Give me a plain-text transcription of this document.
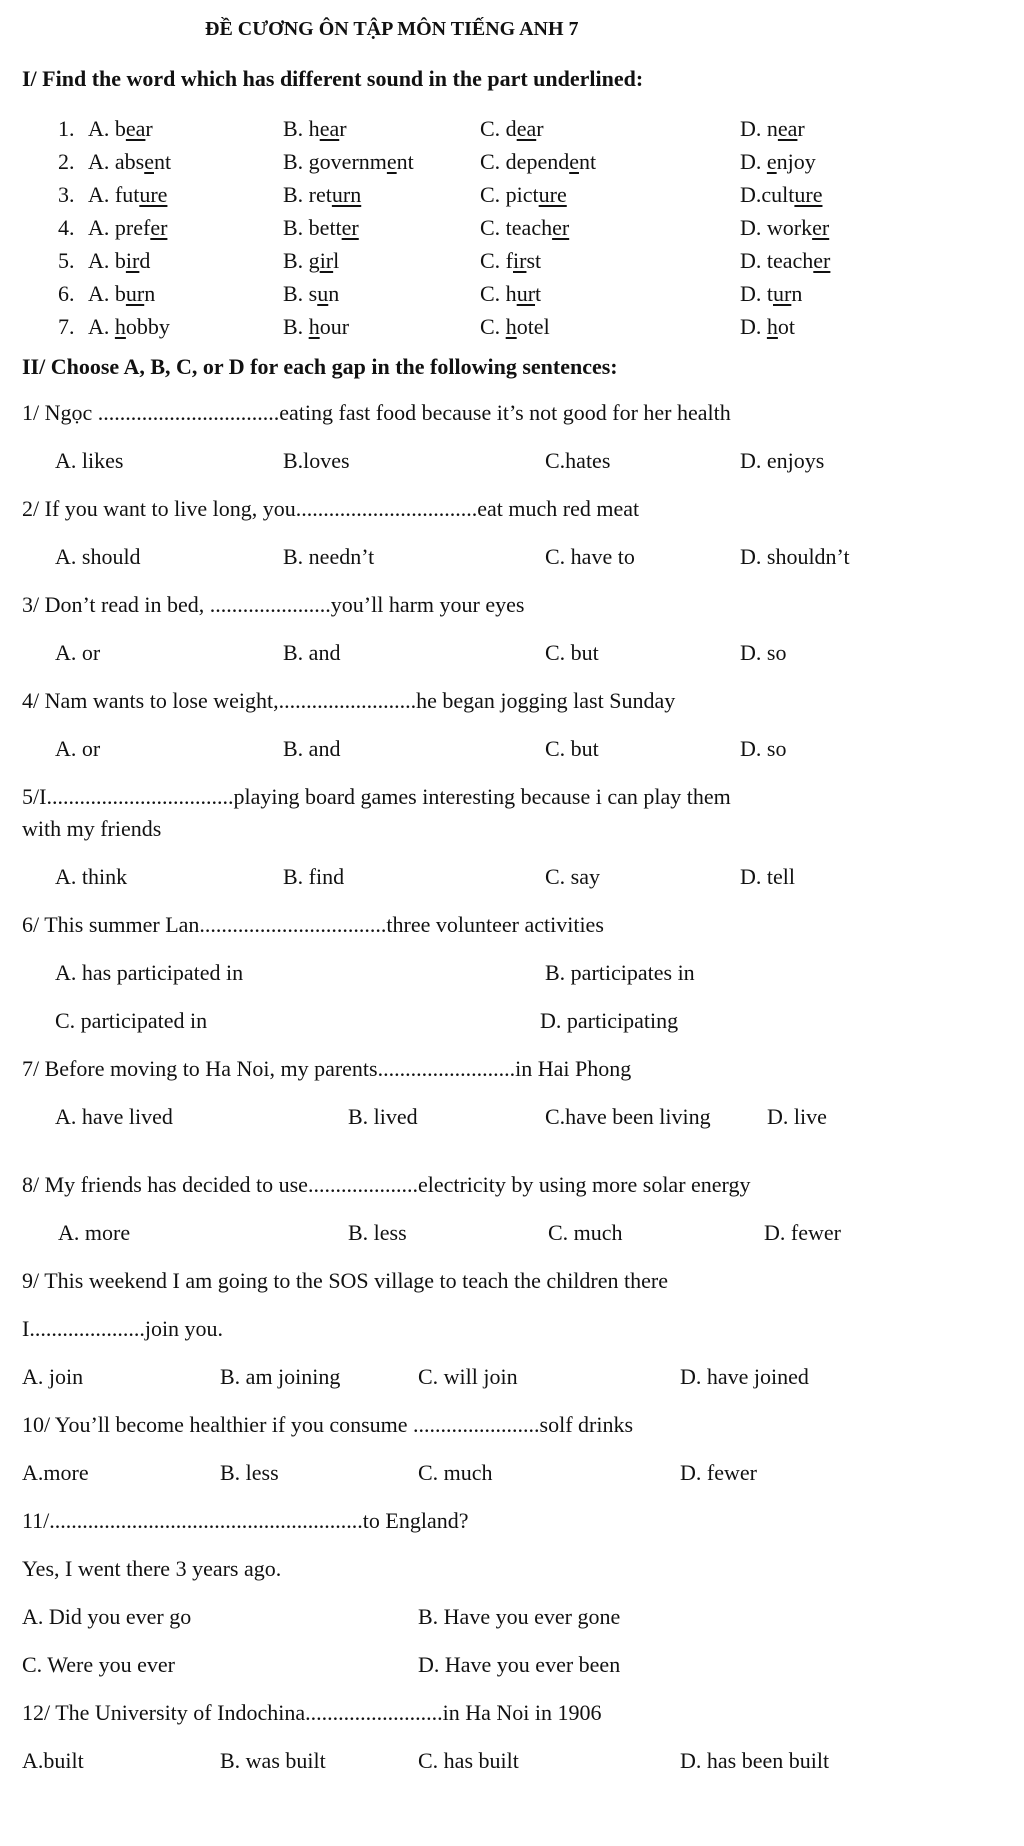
ĐỀ CƯƠNG ÔN TẬP MÔN TIẾNG ANH 7
I/ Find the word which has different sound in the part underlined:
1. A. bear	B. hear	C. dear	D. near
2. A. absent	B. government	C. dependent	D. enjoy
3. A. future	B. return	C. picture	D.culture
4. A. prefer	B. better	C. teacher	D. worker
5. A. bird	B. girl	C. first	D. teacher
6. A. burn	B. sun	C. hurt	D. turn
7. A. hobby	B. hour	C. hotel	D. hot
II/ Choose A, B, C, or D for each gap in the following sentences:
1/ Ngọc .................................eating fast food because it’s not good for her health
A. likes	B.loves	C.hates	D. enjoys
2/ If you want to live long, you.................................eat much red meat
A. should	B. needn’t	C. have to	D. shouldn’t
3/ Don’t read in bed, ......................you’ll harm your eyes
A. or	B. and	C. but	D. so
4/ Nam wants to lose weight,.........................he began jogging last Sunday
A. or	B. and	C. but	D. so
5/I..................................playing board games interesting because i can play them
with my friends
A. think	B. find	C. say	D. tell
6/ This summer Lan..................................three volunteer activities
A. has participated in	B. participates in
C. participated in	D. participating
7/ Before moving to Ha Noi, my parents.........................in Hai Phong
A. have lived	B. lived	C.have been living	D. live
8/ My friends has decided to use....................electricity by using more solar energy
A. more	B. less	C. much	D. fewer
9/ This weekend I am going to the SOS village to teach the children there
I.....................join you.
A. join	B. am joining	C. will join	D. have joined
10/ You’ll become healthier if you consume .......................solf drinks
A.more	B. less	C. much	D. fewer
11/.........................................................to England?
Yes, I went there 3 years ago.
A. Did you ever go	B. Have you ever gone
C. Were you ever	D. Have you ever been
12/ The University of Indochina.........................in Ha Noi in 1906
A.built	B. was built	C. has built	D. has been built
